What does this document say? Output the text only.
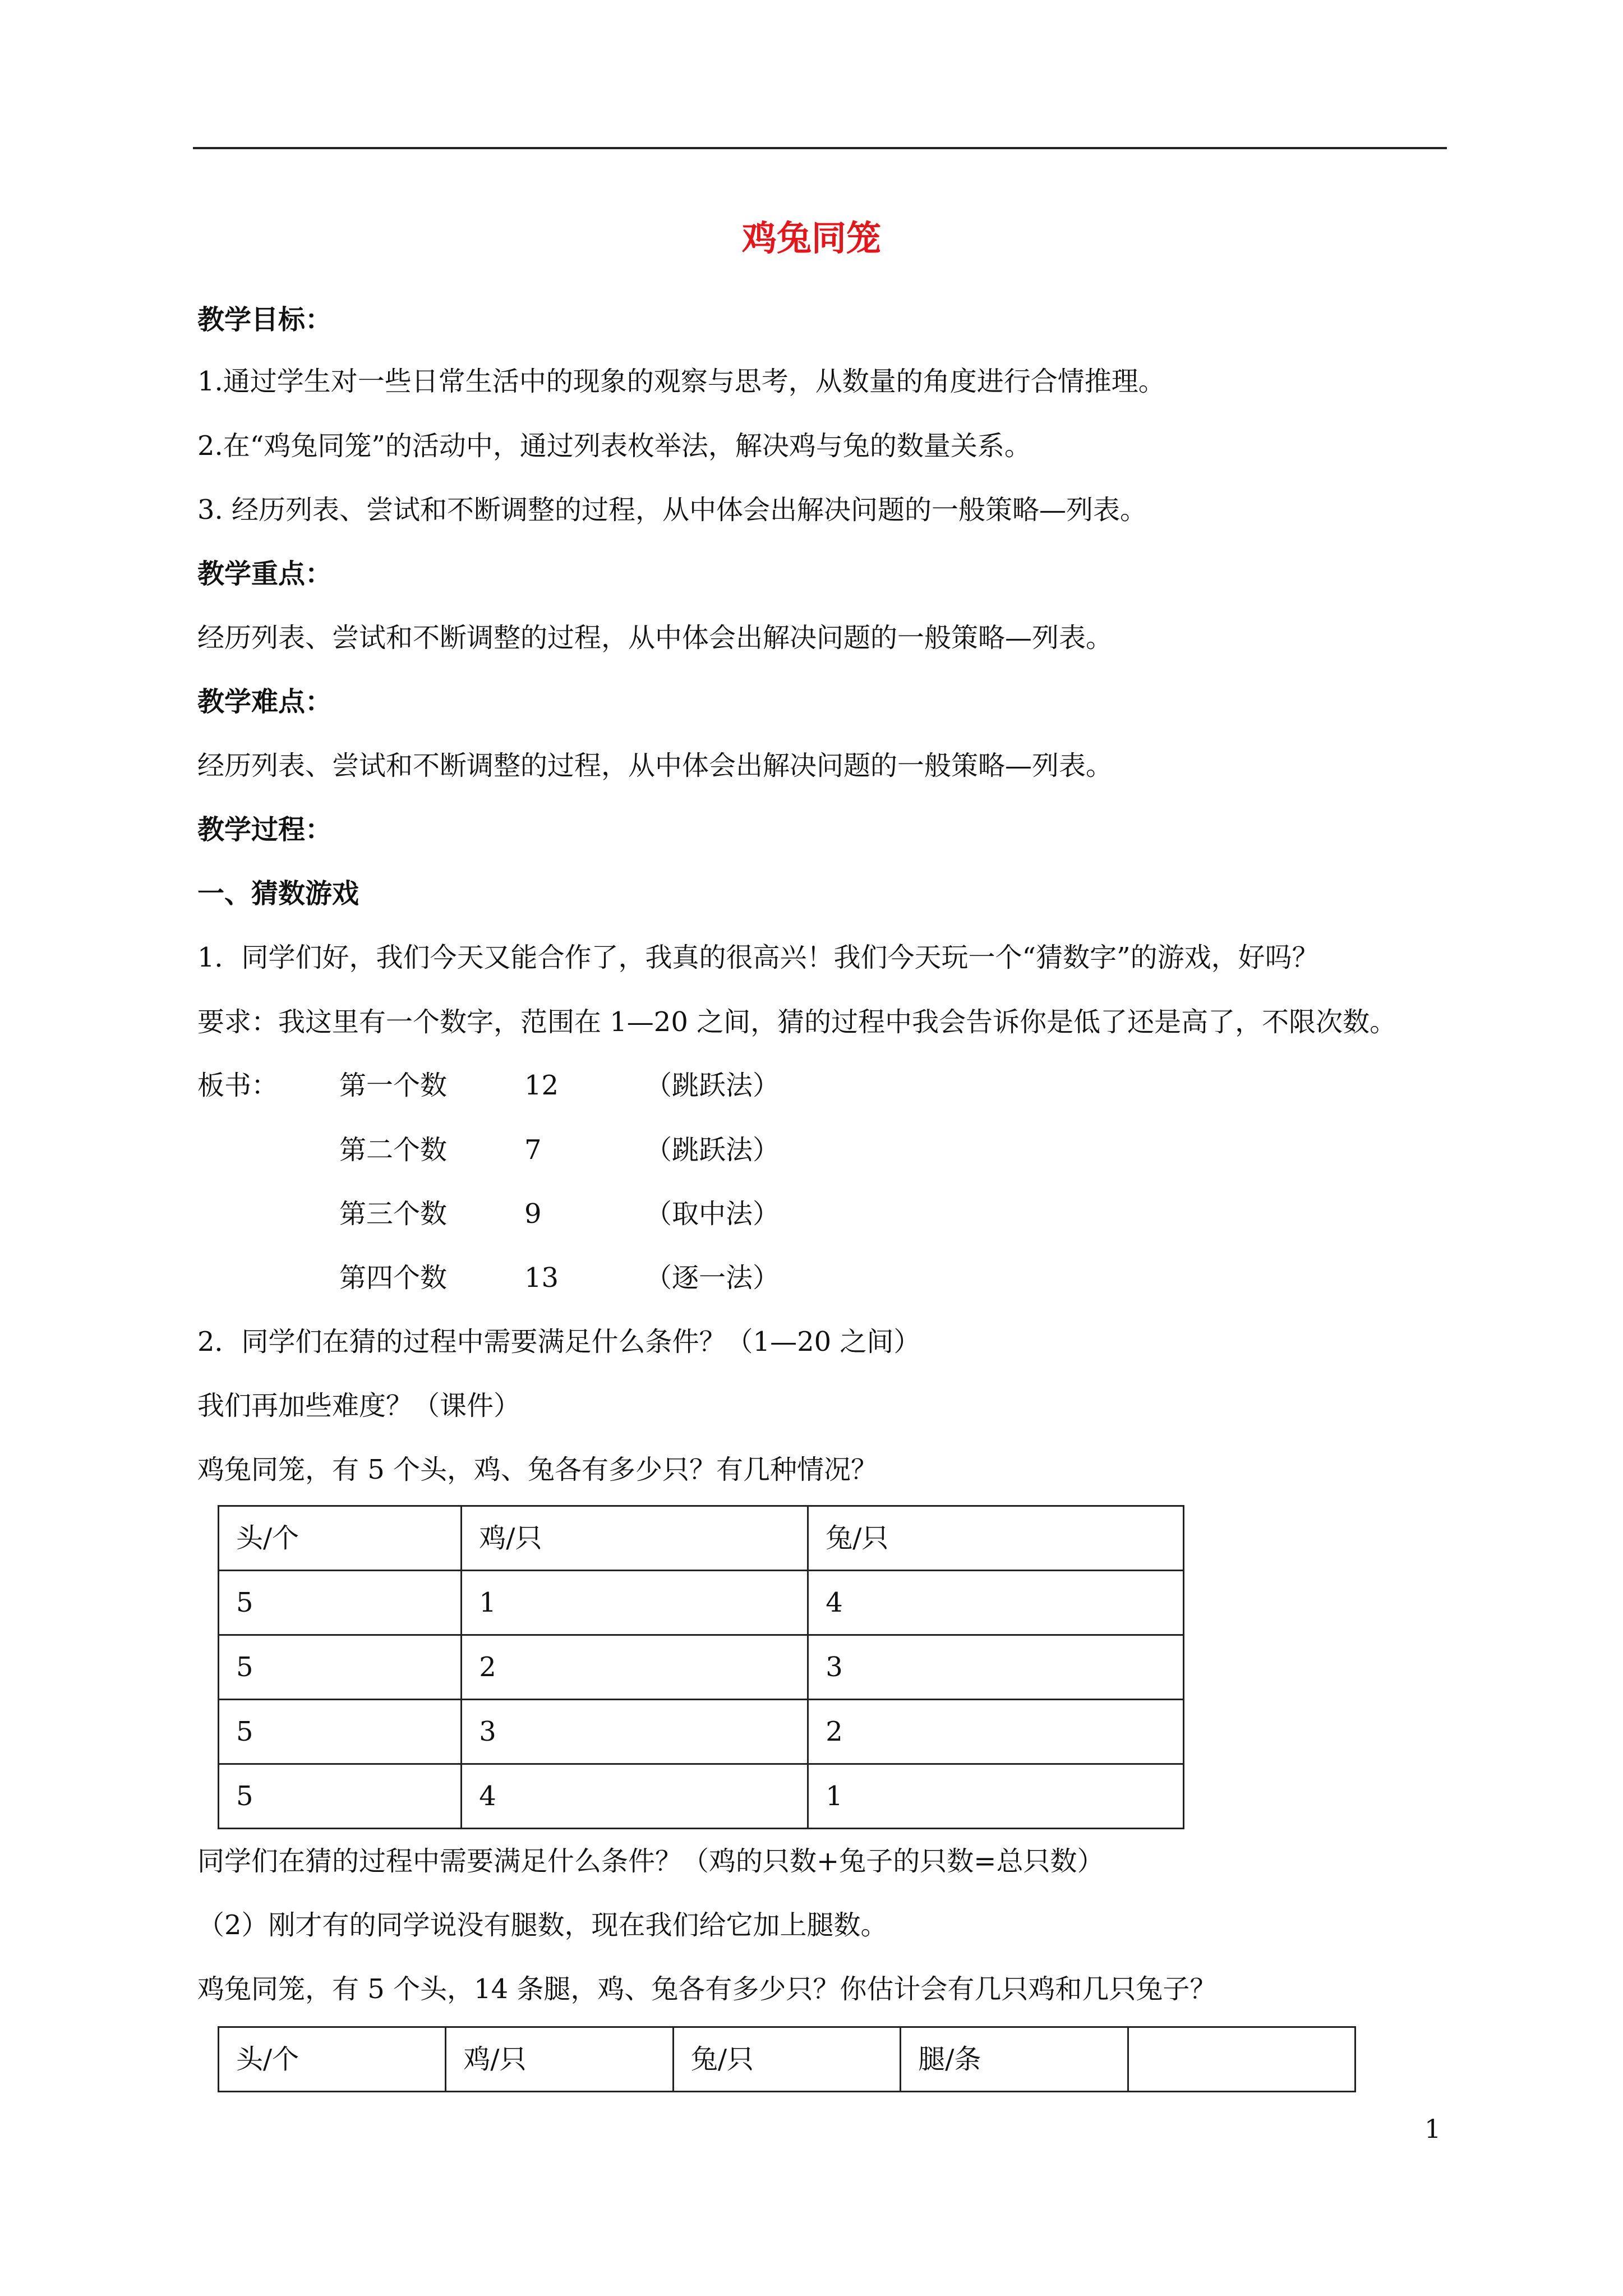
鸡兔同笼
教学目标：
1.通过学生对一些日常生活中的现象的观察与思考，从数量的角度进行合情推理。
2.在“鸡兔同笼”的活动中，通过列表枚举法，解决鸡与兔的数量关系。
3. 经历列表、尝试和不断调整的过程，从中体会出解决问题的一般策略—列表。
教学重点：
经历列表、尝试和不断调整的过程，从中体会出解决问题的一般策略—列表。
教学难点：
经历列表、尝试和不断调整的过程，从中体会出解决问题的一般策略—列表。
教学过程：
一、猜数游戏
1．同学们好，我们今天又能合作了，我真的很高兴！我们今天玩一个“猜数字”的游戏，好吗？
要求：我这里有一个数字，范围在 1—20 之间，猜的过程中我会告诉你是低了还是高了，不限次数。
板书： 第一个数	12	（跳跃法）
第二个数	7	（跳跃法）
第三个数	9	（取中法）
第四个数	13	（逐一法）
2．同学们在猜的过程中需要满足什么条件？（1—20 之间）
我们再加些难度？（课件）
鸡兔同笼，有 5 个头，鸡、兔各有多少只？有几种情况？
头/个	鸡/只	兔/只
5	1	4
5	2	3
5	3	2
5	4	1
同学们在猜的过程中需要满足什么条件？（鸡的只数+兔子的只数=总只数）
（2）刚才有的同学说没有腿数，现在我们给它加上腿数。
鸡兔同笼，有 5 个头，14 条腿，鸡、兔各有多少只？你估计会有几只鸡和几只兔子？
头/个	鸡/只	兔/只	腿/条	
1
